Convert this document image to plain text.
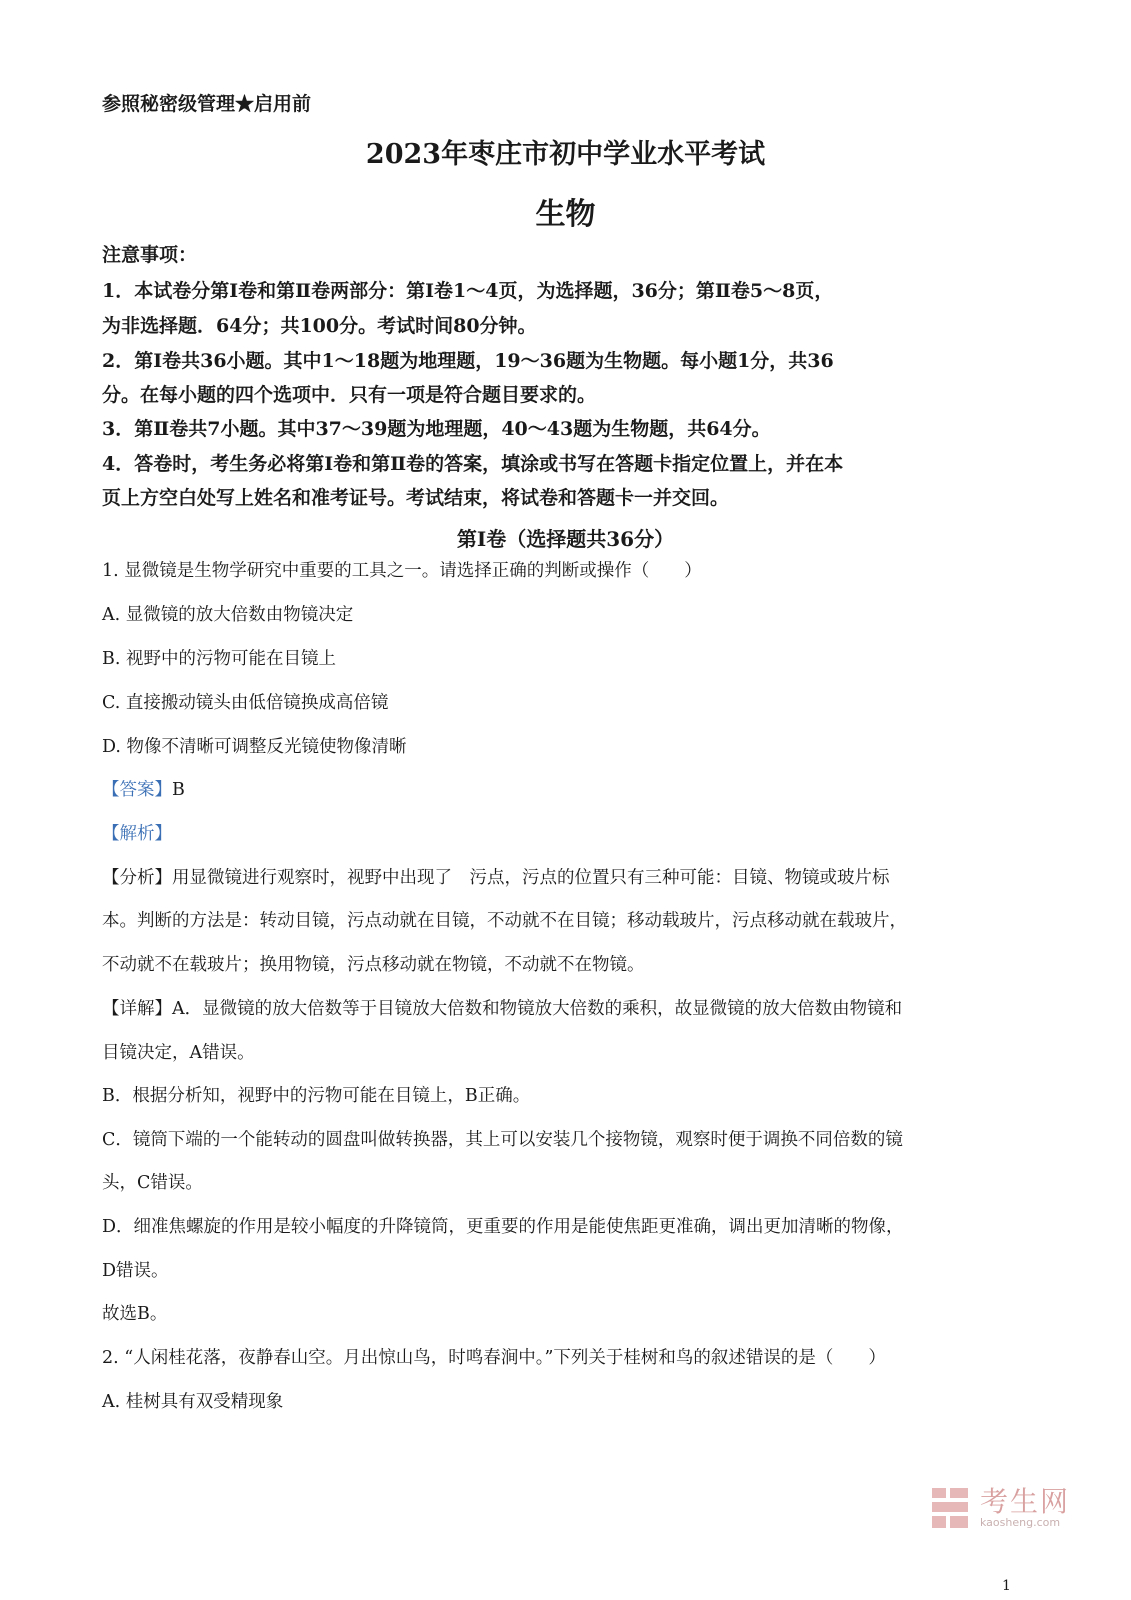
参照秘密级管理★启用前
2023年枣庄市初中学业水平考试
生物
注意事项：
1．本试卷分第Ⅰ卷和第Ⅱ卷两部分：第Ⅰ卷1～4页，为选择题，36分；第Ⅱ卷5～8页，
为非选择题．64分；共100分。考试时间80分钟。
2．第Ⅰ卷共36小题。其中1～18题为地理题，19～36题为生物题。每小题1分，共36
分。在每小题的四个选项中．只有一项是符合题目要求的。
3．第Ⅱ卷共7小题。其中37～39题为地理题，40～43题为生物题，共64分。
4．答卷时，考生务必将第Ⅰ卷和第Ⅱ卷的答案，填涂或书写在答题卡指定位置上，并在本
页上方空白处写上姓名和准考证号。考试结束，将试卷和答题卡一并交回。
第Ⅰ卷（选择题共36分）
1. 显微镜是生物学研究中重要的工具之一。请选择正确的判断或操作（　　）
A. 显微镜的放大倍数由物镜决定
B. 视野中的污物可能在目镜上
C. 直接搬动镜头由低倍镜换成高倍镜
D. 物像不清晰可调整反光镜使物像清晰
【答案】B
【解析】
【分析】用显微镜进行观察时，视野中出现了　污点，污点的位置只有三种可能：目镜、物镜或玻片标
本。判断的方法是：转动目镜，污点动就在目镜，不动就不在目镜；移动载玻片，污点移动就在载玻片，
不动就不在载玻片；换用物镜，污点移动就在物镜，不动就不在物镜。
【详解】A．显微镜的放大倍数等于目镜放大倍数和物镜放大倍数的乘积，故显微镜的放大倍数由物镜和
目镜决定，A错误。
B．根据分析知，视野中的污物可能在目镜上，B正确。
C．镜筒下端的一个能转动的圆盘叫做转换器，其上可以安装几个接物镜，观察时便于调换不同倍数的镜
头，C错误。
D．细准焦螺旋的作用是较小幅度的升降镜筒，更重要的作用是能使焦距更准确，调出更加清晰的物像，
D错误。
故选B。
2. “人闲桂花落，夜静春山空。月出惊山鸟，时鸣春涧中。”下列关于桂树和鸟的叙述错误的是（　　）
A. 桂树具有双受精现象
考生网
kaosheng.com
1
